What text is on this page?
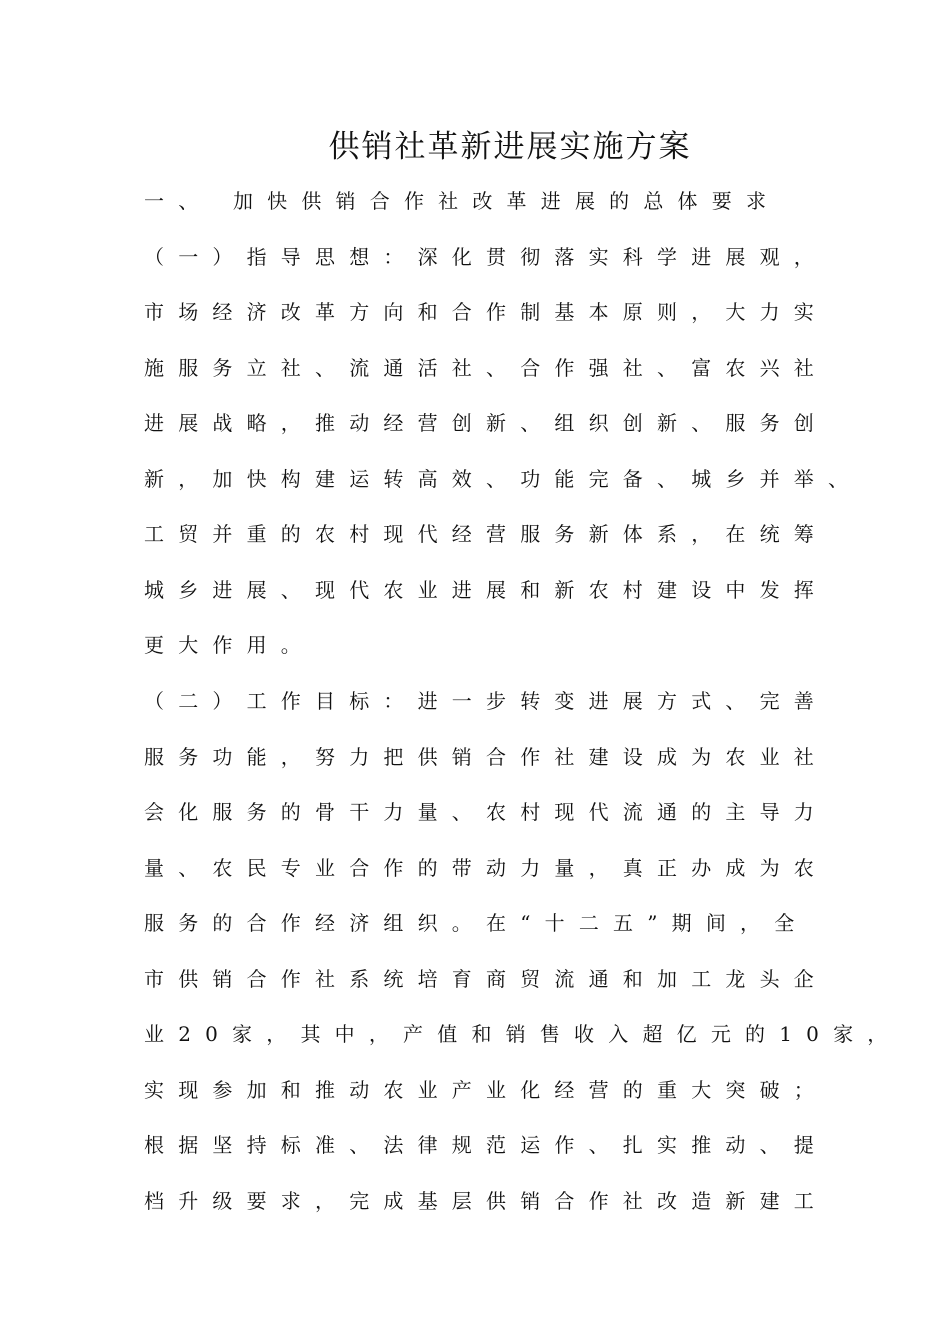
供销社革新进展实施方案
一、 加快供销合作社改革进展的总体要求
（一）指导思想：深化贯彻落实科学进展观，
市场经济改革方向和合作制基本原则，大力实
施服务立社、流通活社、合作强社、富农兴社
进展战略，推动经营创新、组织创新、服务创
新，加快构建运转高效、功能完备、城乡并举、
工贸并重的农村现代经营服务新体系，在统筹
城乡进展、现代农业进展和新农村建设中发挥
更大作用。
（二）工作目标：进一步转变进展方式、完善
服务功能，努力把供销合作社建设成为农业社
会化服务的骨干力量、农村现代流通的主导力
量、农民专业合作的带动力量，真正办成为农
服务的合作经济组织。在“十二五”期间，全
市供销合作社系统培育商贸流通和加工龙头企
业20家，其中，产值和销售收入超亿元的10家，
实现参加和推动农业产业化经营的重大突破；
根据坚持标准、法律规范运作、扎实推动、提
档升级要求，完成基层供销合作社改造新建工
